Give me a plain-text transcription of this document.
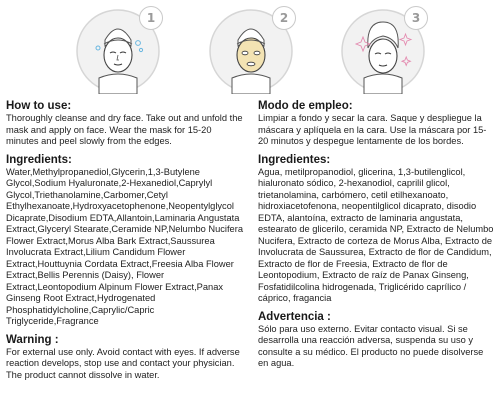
1	2	3

How to use:

Thoroughly cleanse and dry face. Take out and unfold the mask and apply on face. Wear the mask for 15-20 minutes and peel slowly from the edges.

Ingredients:

Water,Methylpropanediol,Glycerin,1,3-Butylene Glycol,Sodium Hyaluronate,2-Hexanediol,Caprylyl Glycol,Triethanolamine,Carbomer,Cetyl Ethylhexanoate,Hydroxyacetophenone,Neopentylglycol Dicaprate,Disodium EDTA,Allantoin,Laminaria Angustata Extract,Glyceryl Stearate,Ceramide NP,Nelumbo Nucifera Flower Extract,Morus Alba Bark Extract,Saussurea Involucrata Extract,Lilium Candidum Flower Extract,Houttuynia Cordata Extract,Freesia Alba Flower Extract,Bellis Perennis (Daisy), Flower Extract,Leontopodium Alpinum Flower Extract,Panax Ginseng Root Extract,Hydrogenated Phosphatidylcholine,Caprylic/Capric Triglyceride,Fragrance

Warning :

For external use only. Avoid contact with eyes. If adverse reaction develops, stop use and contact your physician. The product cannot dissolve in water.

Modo de empleo:

Limpiar a fondo y secar la cara. Saque y despliegue la máscara y aplíquela en la cara. Use la máscara por 15-20 minutos y despegue lentamente de los bordes.

Ingredientes:

Agua, metilpropanodiol, glicerina, 1,3-butilenglicol, hialuronato sódico, 2-hexanodiol, caprilil glicol, trietanolamina, carbómero, cetil etilhexanoato, hidroxiacetofenona, neopentilglicol dicaprato, disodio EDTA, alantoína, extracto de laminaria angustata, estearato de glicerilo, ceramida NP, Extracto de Nelumbo Nucifera, Extracto de corteza de Morus Alba, Extracto de Involucrata de Saussurea, Extracto de flor de Candidum, Extracto de flor de Freesia, Extracto de flor de Leontopodium, Extracto de raíz de Panax Ginseng, Fosfatidilcolina hidrogenada, Triglicérido caprílico / cáprico, fragancia

Advertencia :

Sólo para uso externo. Evitar contacto visual. Si se desarrolla una reacción adversa, suspenda su uso y consulte a su médico. El producto no puede disolverse en agua.
